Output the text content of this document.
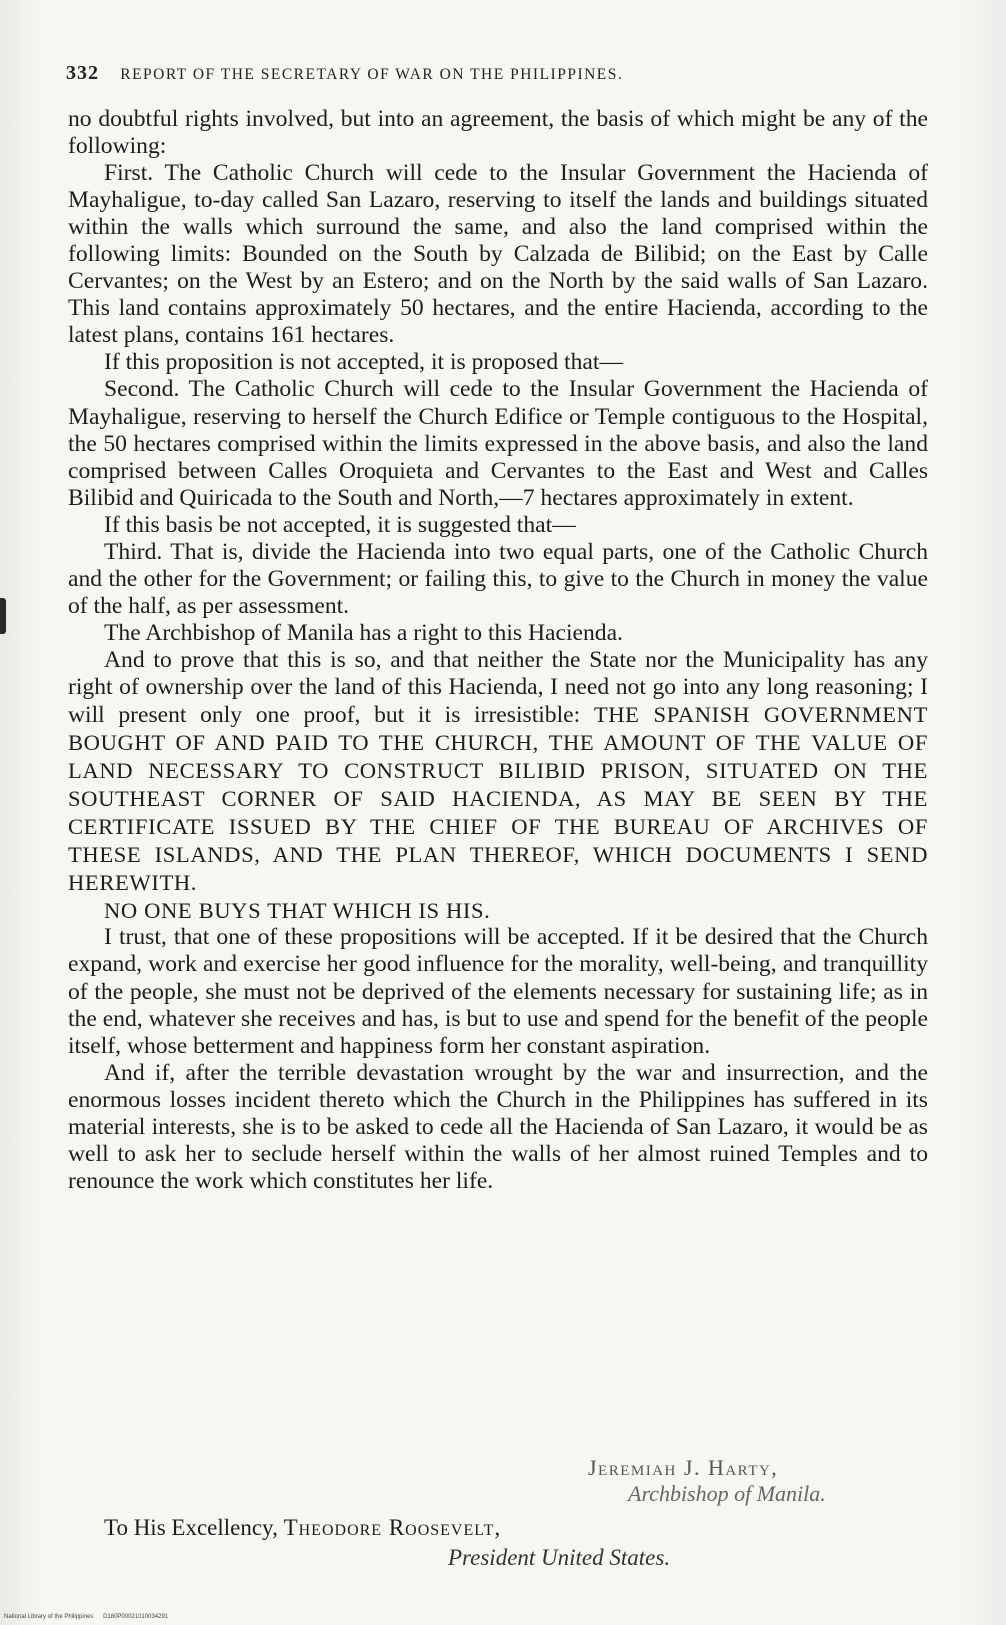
332 REPORT OF THE SECRETARY OF WAR ON THE PHILIPPINES.

no doubtful rights involved, but into an agreement, the basis of which might be any of the following:

First. The Catholic Church will cede to the Insular Government the Hacienda of Mayhaligue, to-day called San Lazaro, reserving to itself the lands and buildings situated within the walls which surround the same, and also the land comprised within the following limits: Bounded on the South by Calzada de Bilibid; on the East by Calle Cervantes; on the West by an Estero; and on the North by the said walls of San Lazaro. This land contains approximately 50 hectares, and the entire Hacienda, according to the latest plans, contains 161 hectares.

If this proposition is not accepted, it is proposed that—

Second. The Catholic Church will cede to the Insular Government the Hacienda of Mayhaligue, reserving to herself the Church Edifice or Temple contiguous to the Hospital, the 50 hectares comprised within the limits expressed in the above basis, and also the land comprised between Calles Oroquieta and Cervantes to the East and West and Calles Bilibid and Quiricada to the South and North,—7 hectares approximately in extent.

If this basis be not accepted, it is suggested that—

Third. That is, divide the Hacienda into two equal parts, one of the Catholic Church and the other for the Government; or failing this, to give to the Church in money the value of the half, as per assessment.

The Archbishop of Manila has a right to this Hacienda.

And to prove that this is so, and that neither the State nor the Municipality has any right of ownership over the land of this Hacienda, I need not go into any long reasoning; I will present only one proof, but it is irresistible: THE SPANISH GOVERNMENT BOUGHT OF AND PAID TO THE CHURCH, THE AMOUNT OF THE VALUE OF LAND NECESSARY TO CONSTRUCT BILIBID PRISON, SITUATED ON THE SOUTHEAST CORNER OF SAID HACIENDA, AS MAY BE SEEN BY THE CERTIFICATE ISSUED BY THE CHIEF OF THE BUREAU OF ARCHIVES OF THESE ISLANDS, AND THE PLAN THEREOF, WHICH DOCUMENTS I SEND HEREWITH.

NO ONE BUYS THAT WHICH IS HIS.

I trust, that one of these propositions will be accepted. If it be desired that the Church expand, work and exercise her good influence for the morality, well-being, and tranquillity of the people, she must not be deprived of the elements necessary for sustaining life; as in the end, whatever she receives and has, is but to use and spend for the benefit of the people itself, whose betterment and happiness form her constant aspiration.

And if, after the terrible devastation wrought by the war and insurrection, and the enormous losses incident thereto which the Church in the Philippines has suffered in its material interests, she is to be asked to cede all the Hacienda of San Lazaro, it would be as well to ask her to seclude herself within the walls of her almost ruined Temples and to renounce the work which constitutes her life.

Jeremiah J. Harty,
Archbishop of Manila.
To His Excellency, Theodore Roosevelt,
President United States.
National Library of the Philippines D180P00021010034291
